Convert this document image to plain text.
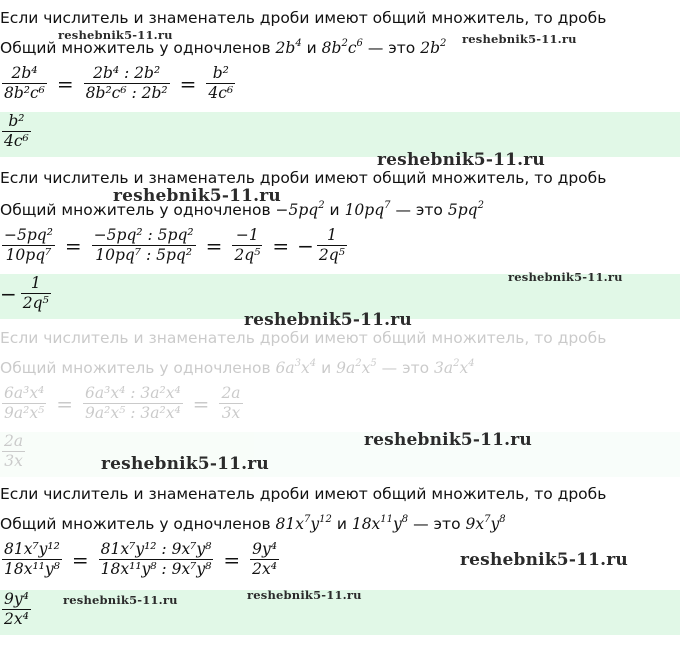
Если числитель и знаменатель дроби имеют общий множитель, то дробь
Общий множитель у одночленов $2b^4$ и $8b^2c^6$ — это $2b^2$
$\frac{\text{2b⁴}}{\text{8b²c⁶}} = \frac{\text{2b⁴ : 2b²}}{\text{8b²c⁶ : 2b²}} = \frac{\text{b²}}{\text{4c⁶}}$
$\frac{\text{b²}}{\text{4c⁶}}$
Если числитель и знаменатель дроби имеют общий множитель, то дробь
Общий множитель у одночленов $-5pq^2$ и $10pq^7$ — это $5pq^2$
$\frac{\text{−5pq²}}{\text{10pq⁷}} = \frac{\text{−5pq² : 5pq²}}{\text{10pq⁷ : 5pq²}} = \frac{-1}{\text{2q⁵}}$ = − $\frac{1}{\text{2q⁵}}$
− $\frac{1}{\text{2q⁵}}$
Если числитель и знаменатель дроби имеют общий множитель, то дробь
Общий множитель у одночленов $6a^3x^4$ и $9a^2x^5$ — это $3a^2x^4$
$\frac{\text{6a³x⁴}}{\text{9a²x⁵}} = \frac{\text{6a³x⁴ : 3a²x⁴}}{\text{9a²x⁵ : 3a²x⁴}} = \frac{2a}{3x}$
$\frac{2a}{3x}$
Если числитель и знаменатель дроби имеют общий множитель, то дробь
Общий множитель у одночленов $81x^7y^{12}$ и $18x^{11}y^8$ — это $9x^7y^8$
$\frac{\text{81x⁷y¹²}}{\text{18x¹¹y⁸}} = \frac{\text{81x⁷y¹² : 9x⁷y⁸}}{\text{18x¹¹y⁸ : 9x⁷y⁸}} = \frac{\text{9y⁴}}{\text{2x⁴}}$
$\frac{\text{9y⁴}}{\text{2x⁴}}$
reshebnik5-11.ru	reshebnik5-11.ru
reshebnik5-11.ru
reshebnik5-11.ru
reshebnik5-11.ru
reshebnik5-11.ru
reshebnik5-11.ru
reshebnik5-11.ru
reshebnik5-11.ru
reshebnik5-11.ru	reshebnik5-11.ru
